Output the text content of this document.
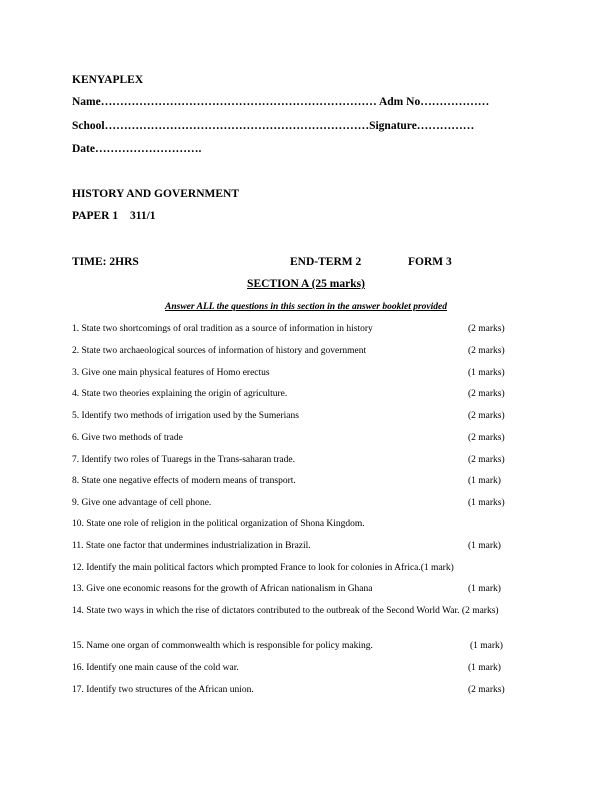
KENYAPLEX
Name……………………………………………………………… Adm No………………
School……………………………………………………………Signature……………
Date……………………….
HISTORY AND GOVERNMENT
PAPER 1 311/1
TIME: 2HRS	END-TERM 2	FORM 3
SECTION A (25 marks)
Answer ALL the questions in this section in the answer booklet provided
1. State two shortcomings of oral tradition as a source of information in history	(2 marks)
2. State two archaeological sources of information of history and government	(2 marks)
3. Give one main physical features of Homo erectus	(1 marks)
4. State two theories explaining the origin of agriculture.	(2 marks)
5. Identify two methods of irrigation used by the Sumerians	(2 marks)
6. Give two methods of trade	(2 marks)
7. Identify two roles of Tuaregs in the Trans-saharan trade.	(2 marks)
8. State one negative effects of modern means of transport.	(1 mark)
9. Give one advantage of cell phone.	(1 marks)
10. State one role of religion in the political organization of Shona Kingdom.
11. State one factor that undermines industrialization in Brazil.	(1 mark)
12. Identify the main political factors which prompted France to look for colonies in Africa.(1 mark)
13. Give one economic reasons for the growth of African nationalism in Ghana	(1 mark)
14. State two ways in which the rise of dictators contributed to the outbreak of the Second World War. (2 marks)
15. Name one organ of commonwealth which is responsible for policy making.	(1 mark)
16. Identify one main cause of the cold war.	(1 mark)
17. Identify two structures of the African union.	(2 marks)
